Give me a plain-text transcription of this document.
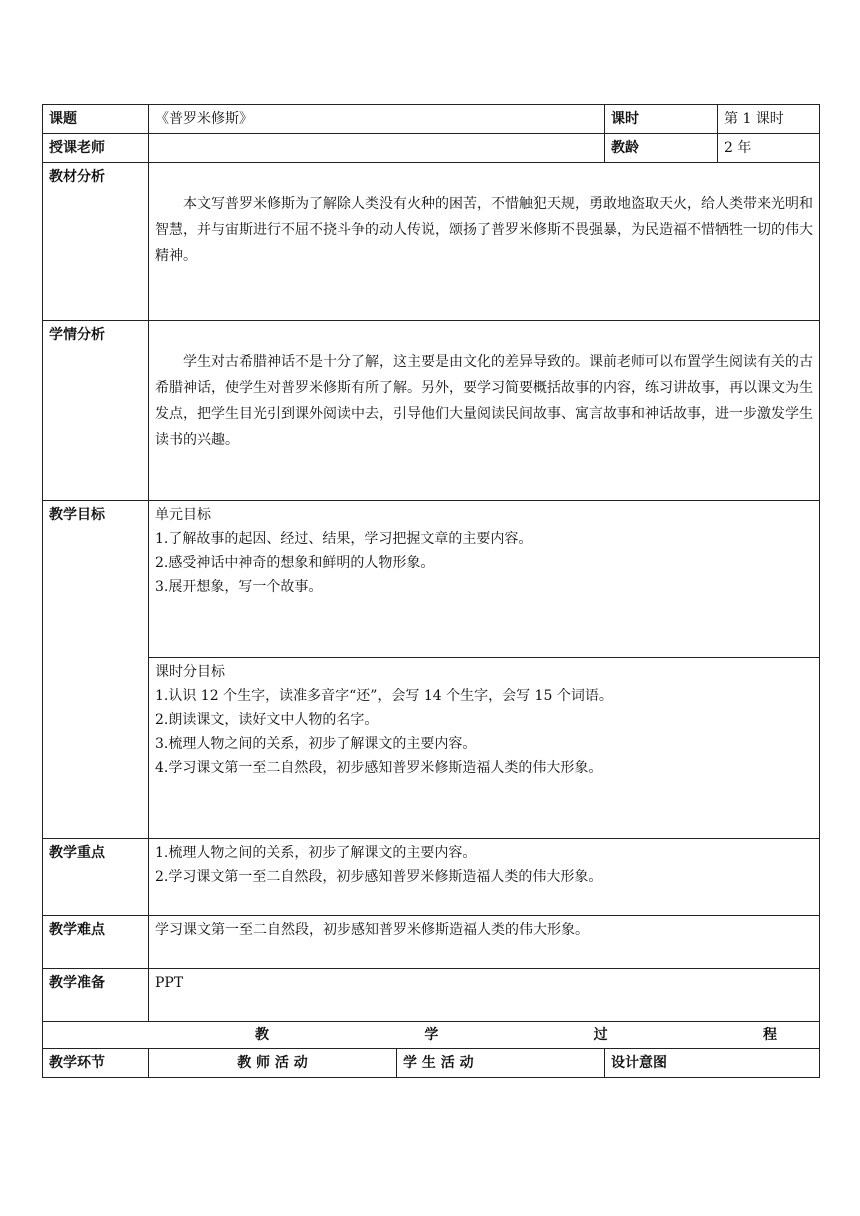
课题	《普罗米修斯》		课时	第 1 课时
授课老师			教龄	2 年
教材分析	本文写普罗米修斯为了解除人类没有火种的困苦，不惜触犯天规，勇敢地盗取天火，给人类带来光明和智慧，并与宙斯进行不屈不挠斗争的动人传说，颂扬了普罗米修斯不畏强暴，为民造福不惜牺牲一切的伟大精神。			

学情分析	学生对古希腊神话不是十分了解，这主要是由文化的差异导致的。课前老师可以布置学生阅读有关的古希腊神话，使学生对普罗米修斯有所了解。另外，要学习简要概括故事的内容，练习讲故事，再以课文为生发点，把学生目光引到课外阅读中去，引导他们大量阅读民间故事、寓言故事和神话故事，进一步激发学生读书的兴趣。			

教学目标	单元目标
1.了解故事的起因、经过、结果，学习把握文章的主要内容。
2.感受神话中神奇的想象和鲜明的人物形象。
3.展开想象，写一个故事。			

	课时分目标
1.认识 12 个生字，读准多音字“还”，会写 14 个生字，会写 15 个词语。
2.朗读课文，读好文中人物的名字。
3.梳理人物之间的关系，初步了解课文的主要内容。
4.学习课文第一至二自然段，初步感知普罗米修斯造福人类的伟大形象。			

教学重点	1.梳理人物之间的关系，初步了解课文的主要内容。
2.学习课文第一至二自然段，初步感知普罗米修斯造福人类的伟大形象。			

教学难点	学习课文第一至二自然段，初步感知普罗米修斯造福人类的伟大形象。			
教学准备	PPT			

教 学 过 程				

教学环节	教 师 活 动	学 生 活 动	设计意图	
